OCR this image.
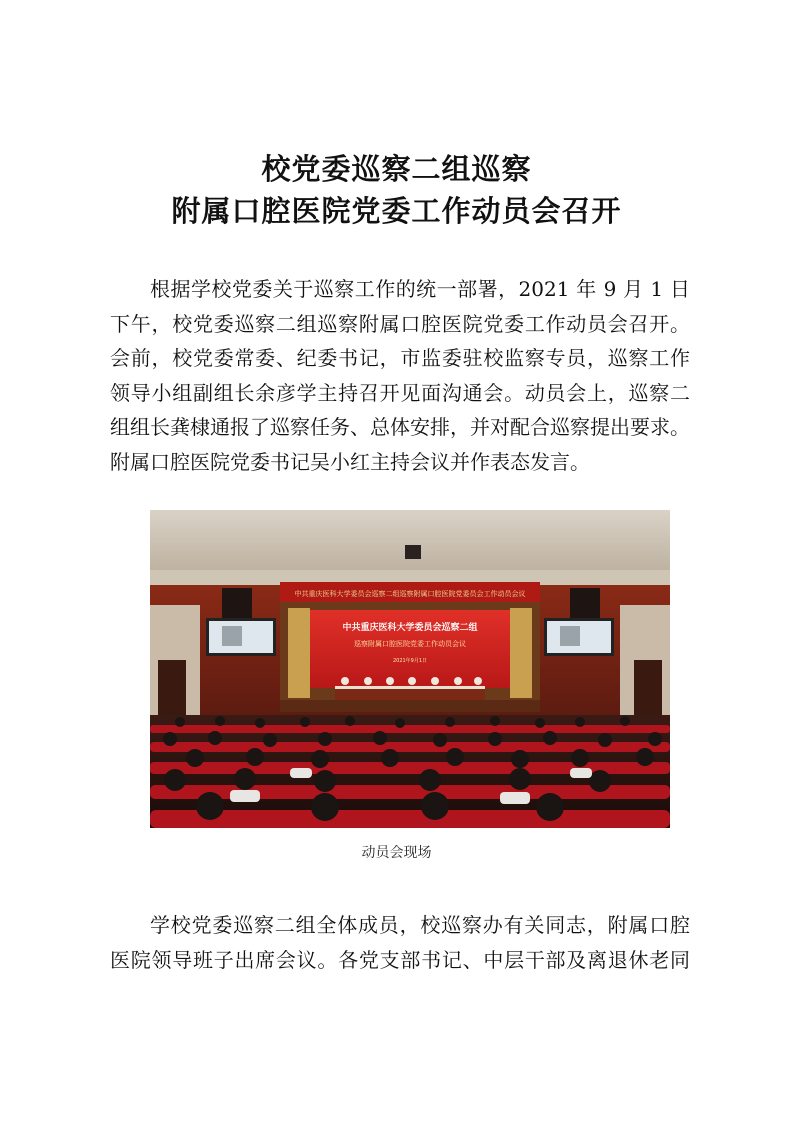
校党委巡察二组巡察
附属口腔医院党委工作动员会召开
根据学校党委关于巡察工作的统一部署，2021 年 9 月 1 日
下午，校党委巡察二组巡察附属口腔医院党委工作动员会召开。
会前，校党委常委、纪委书记，市监委驻校监察专员，巡察工作
领导小组副组长余彦学主持召开见面沟通会。动员会上，巡察二
组组长龚棣通报了巡察任务、总体安排，并对配合巡察提出要求。
附属口腔医院党委书记吴小红主持会议并作表态发言。
中共重庆医科大学委员会巡察二组巡察附属口腔医院党委员会工作动员会议
中共重庆医科大学委员会巡察二组
巡察附属口腔医院党委工作动员会议
2021年9月1日
动员会现场
学校党委巡察二组全体成员，校巡察办有关同志，附属口腔
医院领导班子出席会议。各党支部书记、中层干部及离退休老同
